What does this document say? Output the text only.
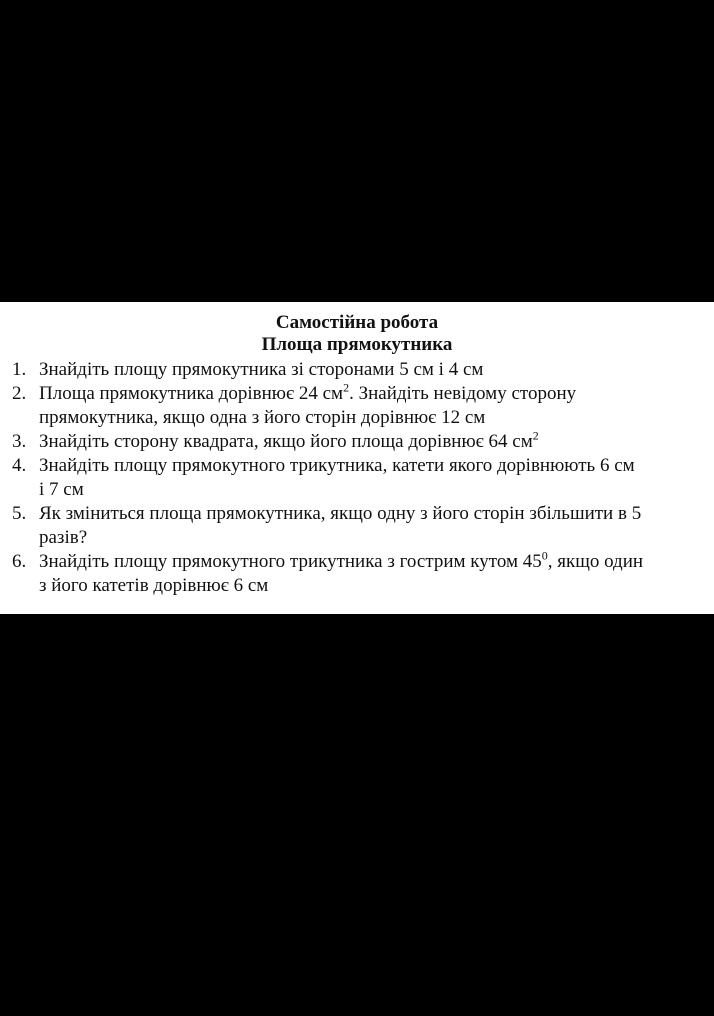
Самостійна робота
Площа прямокутника
1. Знайдіть площу прямокутника зі сторонами 5 см і 4 см
2. Площа прямокутника дорівнює 24 $см^2$. Знайдіть невідому сторону
прямокутника, якщо одна з його сторін дорівнює 12 см
3. Знайдіть сторону квадрата, якщо його площа дорівнює 64 $см^2$
4. Знайдіть площу прямокутного трикутника, катети якого дорівнюють 6 см
і 7 см
5. Як зміниться площа прямокутника, якщо одну з його сторін збільшити в 5
разів?
6. Знайдіть площу прямокутного трикутника з гострим кутом $45^0$, якщо один
з його катетів дорівнює 6 см
